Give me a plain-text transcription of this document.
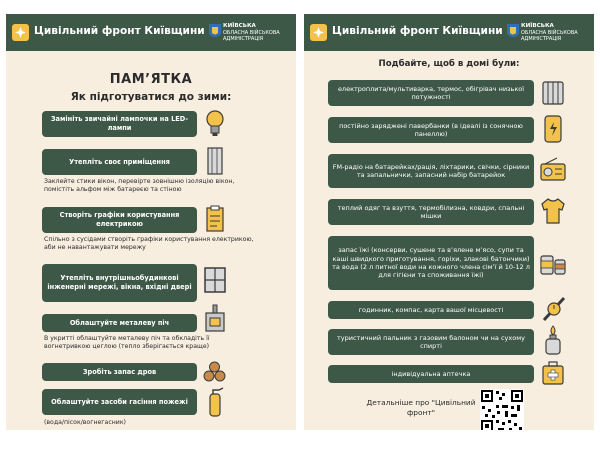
Цивільний фронт Київщини	КИЇВСЬКА
ОБЛАСНА ВІЙСЬКОВА
АДМІНІСТРАЦІЯ
ПАМ’ЯТКА
Як підготуватися до зими:
Замініть звичайні лампочки на LED-лампи
Утепліть своє приміщення
Заклейте стики вікон, перевірте зовнішню ізоляцію вікон, помістіть альфом між батареєю та стіною
Створіть графіки користування електрикою
Спільно з сусідами створіть графіки користування електрикою, аби не навантажувати мережу
Утепліть внутрішньобудинкові інженерні мережі, вікна, вхідні двері
Облаштуйте металеву піч
В укритті облаштуйте металеву піч та обкладіть її вогнетривкою цеглою (тепло зберігається краще)
Зробіть запас дров
Облаштуйте засоби гасіння пожежі
(вода/пісок/вогнегасник)
Цивільний фронт Київщини	КИЇВСЬКА
ОБЛАСНА ВІЙСЬКОВА
АДМІНІСТРАЦІЯ
Подбайте, щоб в домі були:
електроплита/мультиварка, термос, обігрівач низької потужності
постійно заряджені павербанки (в ідеалі із сонячною панеллю)
FM-радіо на батарейках/рація, ліхтарики, свічки, сірники та запальнички, запасний набір батарейок
теплий одяг та взуття, термобілизна, ковдри, спальні мішки
запас їжі (консерви, сушене та в’ялене м’ясо, супи та каші швидкого приготування, горіхи, злакові батончики) та вода (2 л питної води на кожного члена сім’ї й 10-12 л для гігієни та споживання їжі)
годинник, компас, карта вашої місцевості
туристичний пальник з газовим балоном чи на сухому спирті
індивідуальна аптечка
Детальніше про "Цивільний фронт"
